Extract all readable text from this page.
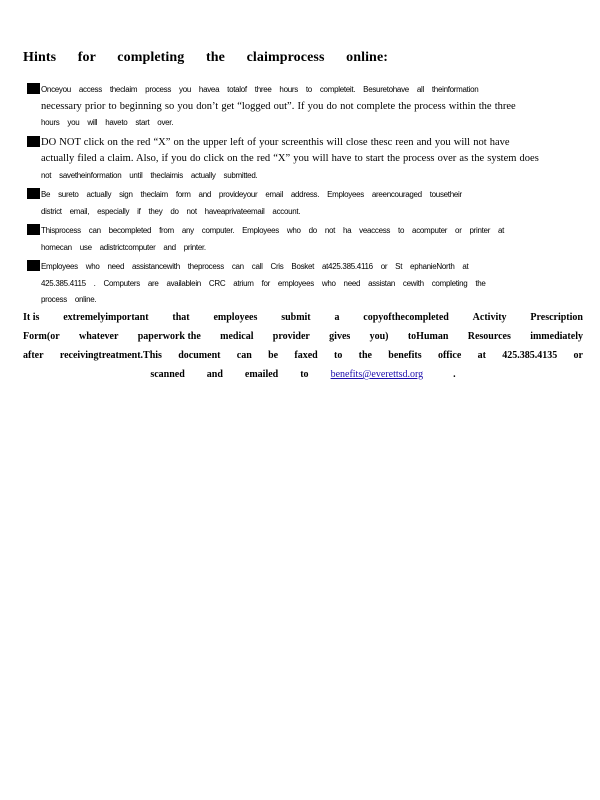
Hints for completing the claimprocess online:
Onceyou access theclaim process you havea totalof three hours to completeit. Besuretohave all theinformation
necessary prior to beginning so you don’t get “logged out”. If you do not complete the process within the three
hours you will haveto start over.
DO NOT click on the red “X” on the upper left of your screenthis will close thesc reen and you will not have
actually filed a claim. Also, if you do click on the red “X” you will have to start the process over as the system does
not savetheinformation until theclaimis actually submitted.
Be sureto actually sign theclaim form and provideyour email address. Employees areencouraged tousetheir
district email, especially if they do not haveaprivateemail account.
Thisprocess can becompleted from any computer. Employees who do not ha veaccess to acomputer or printer at
homecan use adistrictcomputer and printer.
Employees who need assistancewith theprocess can call Cris Bosket at425.385.4116 or St ephanieNorth at
425.385.4115 . Computers are availablein CRC atrium for employees who need assistan cewith completing the
process online.
It is extremelyimportant that employees submit a copyofthecompleted Activity Prescription
Form(or whatever paperwork the medical provider gives you) toHuman Resources immediately
after receivingtreatment.This document can be faxed to the benefits office at 425.385.4135 or
scanned and emailed to benefits@everettsd.org	.
